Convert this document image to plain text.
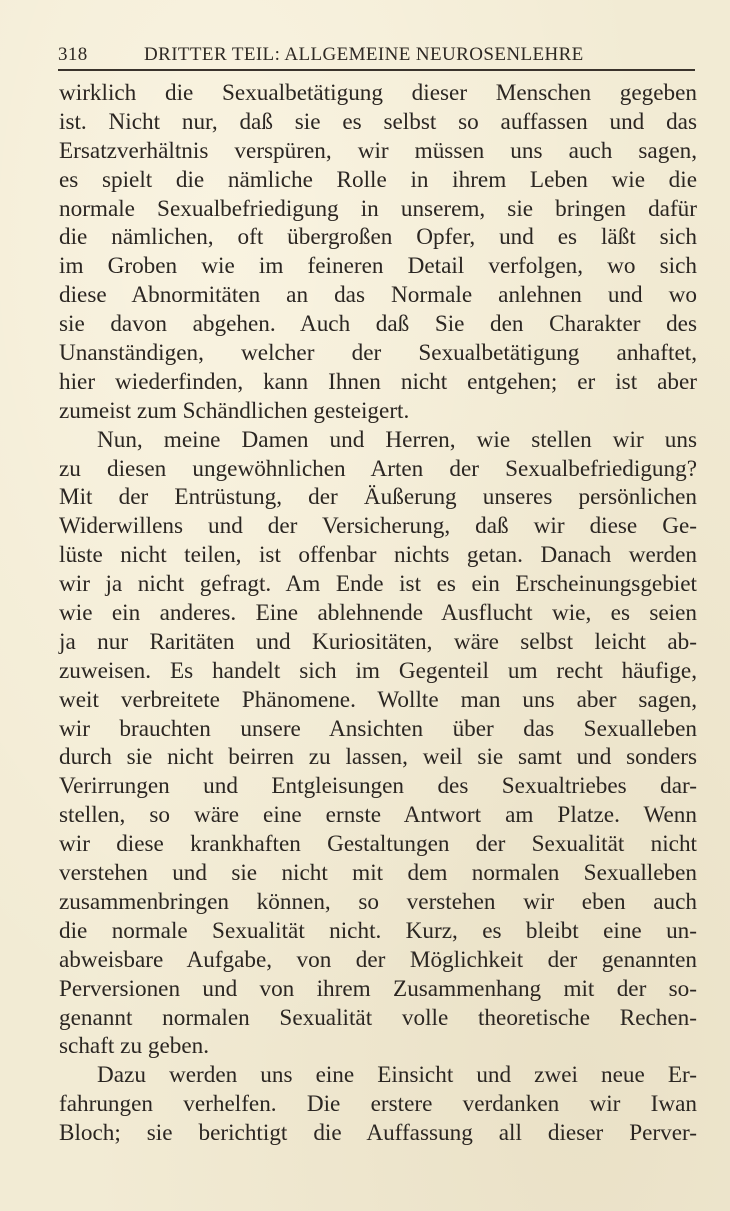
318	DRITTER TEIL: ALLGEMEINE NEUROSENLEHRE
wirklich die Sexualbetätigung dieser Menschen gegeben
ist. Nicht nur, daß sie es selbst so auffassen und das
Ersatzverhältnis verspüren, wir müssen uns auch sagen,
es spielt die nämliche Rolle in ihrem Leben wie die
normale Sexualbefriedigung in unserem, sie bringen dafür
die nämlichen, oft übergroßen Opfer, und es läßt sich
im Groben wie im feineren Detail verfolgen, wo sich
diese Abnormitäten an das Normale anlehnen und wo
sie davon abgehen. Auch daß Sie den Charakter des
Unanständigen, welcher der Sexualbetätigung anhaftet,
hier wiederfinden, kann Ihnen nicht entgehen; er ist aber
zumeist zum Schändlichen gesteigert.
Nun, meine Damen und Herren, wie stellen wir uns
zu diesen ungewöhnlichen Arten der Sexualbefriedigung?
Mit der Entrüstung, der Äußerung unseres persönlichen
Widerwillens und der Versicherung, daß wir diese Ge-
lüste nicht teilen, ist offenbar nichts getan. Danach werden
wir ja nicht gefragt. Am Ende ist es ein Erscheinungsgebiet
wie ein anderes. Eine ablehnende Ausflucht wie, es seien
ja nur Raritäten und Kuriositäten, wäre selbst leicht ab-
zuweisen. Es handelt sich im Gegenteil um recht häufige,
weit verbreitete Phänomene. Wollte man uns aber sagen,
wir brauchten unsere Ansichten über das Sexualleben
durch sie nicht beirren zu lassen, weil sie samt und sonders
Verirrungen und Entgleisungen des Sexualtriebes dar-
stellen, so wäre eine ernste Antwort am Platze. Wenn
wir diese krankhaften Gestaltungen der Sexualität nicht
verstehen und sie nicht mit dem normalen Sexualleben
zusammenbringen können, so verstehen wir eben auch
die normale Sexualität nicht. Kurz, es bleibt eine un-
abweisbare Aufgabe, von der Möglichkeit der genannten
Perversionen und von ihrem Zusammenhang mit der so-
genannt normalen Sexualität volle theoretische Rechen-
schaft zu geben.
Dazu werden uns eine Einsicht und zwei neue Er-
fahrungen verhelfen. Die erstere verdanken wir Iwan
Bloch; sie berichtigt die Auffassung all dieser Perver-
